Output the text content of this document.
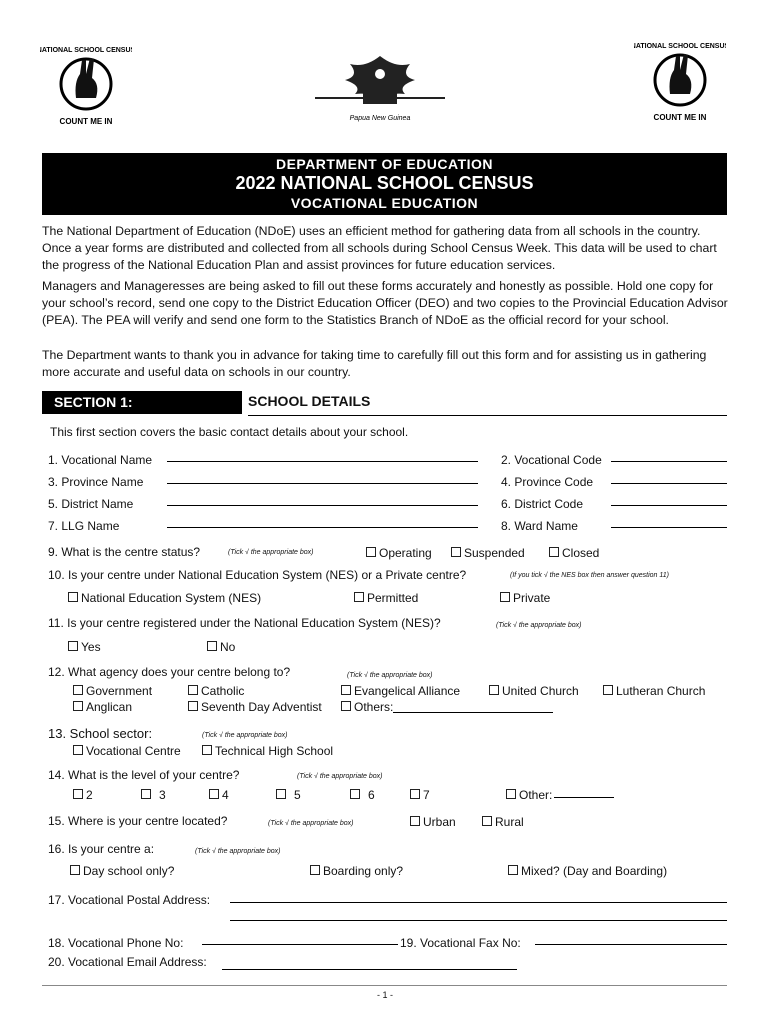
NATIONAL SCHOOL CENSUS
COUNT ME IN	Papua New Guinea
NATIONAL SCHOOL CENSUS
COUNT ME IN
DEPARTMENT OF EDUCATION
2022 NATIONAL SCHOOL CENSUS
VOCATIONAL EDUCATION
The National Department of Education (NDoE) uses an efficient method for gathering data from all schools in the country. Once a year forms are distributed and collected from all schools during School Census Week. This data will be used to chart the progress of the National Education Plan and assist provinces for future education services.
Managers and Manageresses are being asked to fill out these forms accurately and honestly as possible. Hold one copy for your school’s record, send one copy to the District Education Officer (DEO) and two copies to the Provincial Education Advisor (PEA). The PEA will verify and send one form to the Statistics Branch of NDoE as the official record for your school.
The Department wants to thank you in advance for taking time to carefully fill out this form and for assisting us in gathering more accurate and useful data on schools in our country.
SECTION 1:	SCHOOL DETAILS
This first section covers the basic contact details about your school.
1. Vocational Name	2. Vocational Code
3. Province Name	4. Province Code
5. District Name	6. District Code
7. LLG Name	8. Ward Name
9. What is the centre status?	(Tick √ the appropriate box)	Operating	Suspended	Closed
10. Is your centre under National Education System (NES) or a Private centre?	(If you tick √ the NES box then answer question 11)
National Education System (NES)	Permitted	Private
11. Is your centre registered under the National Education System (NES)?	(Tick √ the appropriate box)
Yes	No
12. What agency does your centre belong to?	(Tick √ the appropriate box)
Government	Catholic	Evangelical Alliance	United Church	Lutheran Church
Anglican	Seventh Day Adventist	Others:
13. School sector:	(Tick √ the appropriate box)
Vocational Centre	Technical High School
14. What is the level of your centre?	(Tick √ the appropriate box)
2	3	4	5	6	7	Other:
15. Where is your centre located?	(Tick √ the appropriate box)	Urban	Rural
16. Is your centre a:	(Tick √ the appropriate box)
Day school only?	Boarding only?	Mixed? (Day and Boarding)
17. Vocational Postal Address:
18. Vocational Phone No:	19. Vocational Fax No:
20. Vocational Email Address:
- 1 -
